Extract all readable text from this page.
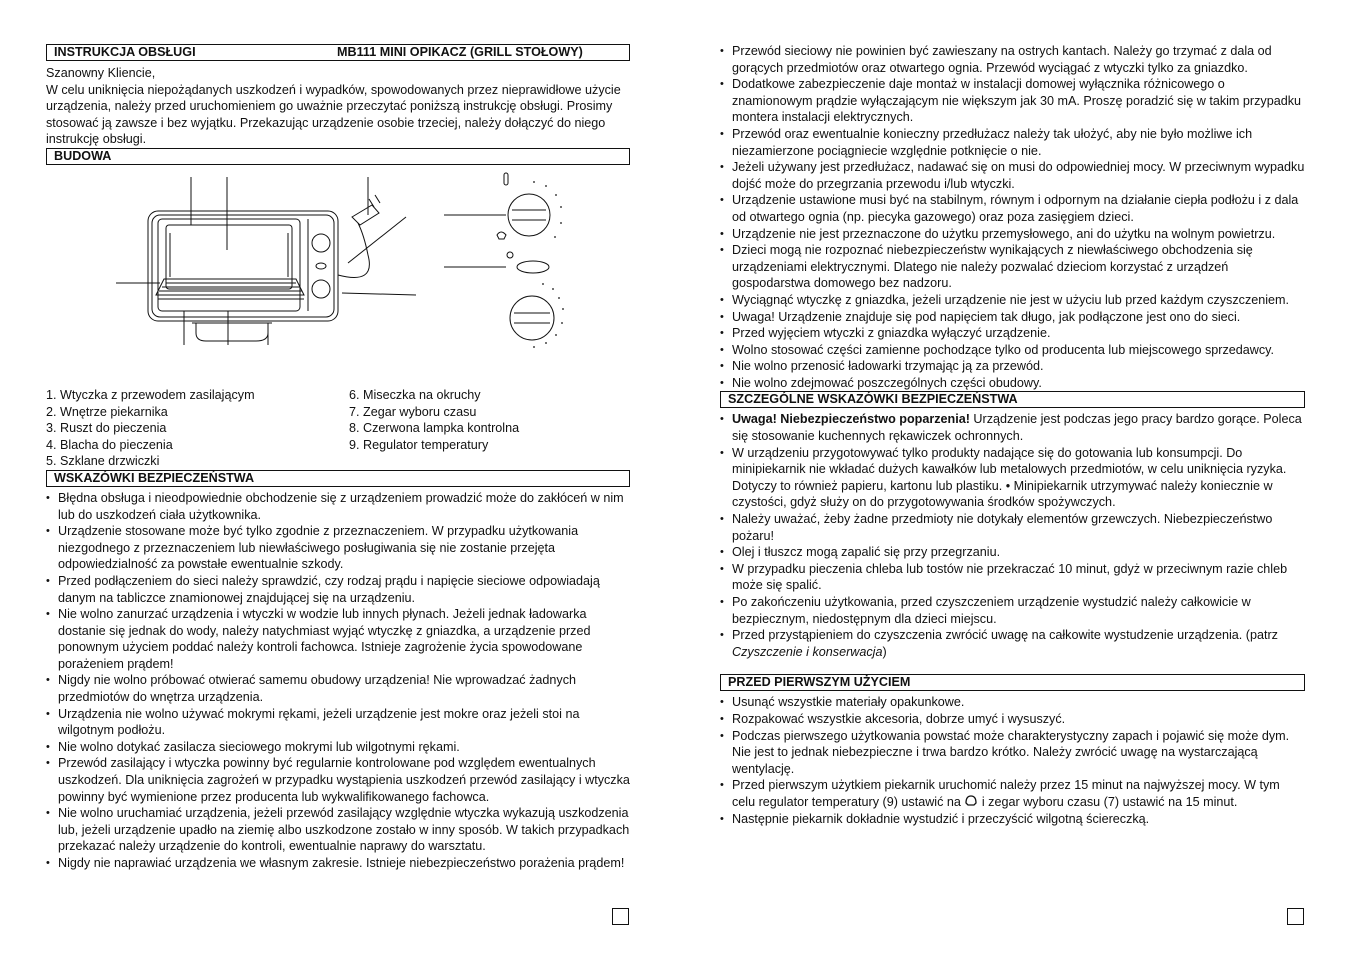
INSTRUKCJA OBSŁUGI	MB111 MINI OPIKACZ (GRILL STOŁOWY)

Szanowny Kliencie,

W celu uniknięcia niepożądanych uszkodzeń i wypadków, spowodowanych przez nieprawidłowe użycie urządzenia, należy przed uruchomieniem go uważnie przeczytać poniższą instrukcję obsługi. Prosimy stosować ją zawsze i bez wyjątku. Przekazując urządzenie osobie trzeciej, należy dołączyć do niego instrukcję obsługi.

BUDOWA
1. Wtyczka z przewodem zasilającym
2. Wnętrze piekarnika
3. Ruszt do pieczenia
4. Blacha do pieczenia
5. Szklane drzwiczki
6. Miseczka na okruchy
7. Zegar wyboru czasu
8. Czerwona lampka kontrolna
9. Regulator temperatury
WSKAZÓWKI BEZPIECZEŃSTWA
• Błędna obsługa i nieodpowiednie obchodzenie się z urządzeniem prowadzić może do zakłóceń w nim lub do uszkodzeń ciała użytkownika.
• Urządzenie stosowane może być tylko zgodnie z przeznaczeniem. W przypadku użytkowania niezgodnego z przeznaczeniem lub niewłaściwego posługiwania się nie zostanie przejęta odpowiedzialność za powstałe ewentualnie szkody.
• Przed podłączeniem do sieci należy sprawdzić, czy rodzaj prądu i napięcie sieciowe odpowiadają danym na tabliczce znamionowej znajdującej się na urządzeniu.
• Nie wolno zanurzać urządzenia i wtyczki w wodzie lub innych płynach. Jeżeli jednak ładowarka dostanie się jednak do wody, należy natychmiast wyjąć wtyczkę z gniazdka, a urządzenie przed ponownym użyciem poddać należy kontroli fachowca. Istnieje zagrożenie życia spowodowane porażeniem prądem!
• Nigdy nie wolno próbować otwierać samemu obudowy urządzenia! Nie wprowadzać żadnych przedmiotów do wnętrza urządzenia.
• Urządzenia nie wolno używać mokrymi rękami, jeżeli urządzenie jest mokre oraz jeżeli stoi na wilgotnym podłożu.
• Nie wolno dotykać zasilacza sieciowego mokrymi lub wilgotnymi rękami.
• Przewód zasilający i wtyczka powinny być regularnie kontrolowane pod względem ewentualnych uszkodzeń. Dla uniknięcia zagrożeń w przypadku wystąpienia uszkodzeń przewód zasilający i wtyczka powinny być wymienione przez producenta lub wykwalifikowanego fachowca.
• Nie wolno uruchamiać urządzenia, jeżeli przewód zasilający względnie wtyczka wykazują uszkodzenia lub, jeżeli urządzenie upadło na ziemię albo uszkodzone zostało w inny sposób. W takich przypadkach przekazać należy urządzenie do kontroli, ewentualnie naprawy do warsztatu.
• Nigdy nie naprawiać urządzenia we własnym zakresie. Istnieje niebezpieczeństwo porażenia prądem!
• Przewód sieciowy nie powinien być zawieszany na ostrych kantach. Należy go trzymać z dala od gorących przedmiotów oraz otwartego ognia. Przewód wyciągać z wtyczki tylko za gniazdko.
• Dodatkowe zabezpieczenie daje montaż w instalacji domowej wyłącznika różnicowego o znamionowym prądzie wyłączającym nie większym jak 30 mA. Proszę poradzić się w takim przypadku montera instalacji elektrycznych.
• Przewód oraz ewentualnie konieczny przedłużacz należy tak ułożyć, aby nie było możliwe ich niezamierzone pociągniecie względnie potknięcie o nie.
• Jeżeli używany jest przedłużacz, nadawać się on musi do odpowiedniej mocy. W przeciwnym wypadku dojść może do przegrzania przewodu i/lub wtyczki.
• Urządzenie ustawione musi być na stabilnym, równym i odpornym na działanie ciepła podłożu i z dala od otwartego ognia (np. piecyka gazowego) oraz poza zasięgiem dzieci.
• Urządzenie nie jest przeznaczone do użytku przemysłowego, ani do użytku na wolnym powietrzu.
• Dzieci mogą nie rozpoznać niebezpieczeństw wynikających z niewłaściwego obchodzenia się urządzeniami elektrycznymi. Dlatego nie należy pozwalać dzieciom korzystać z urządzeń gospodarstwa domowego bez nadzoru.
• Wyciągnąć wtyczkę z gniazdka, jeżeli urządzenie nie jest w użyciu lub przed każdym czyszczeniem.
• Uwaga! Urządzenie znajduje się pod napięciem tak długo, jak podłączone jest ono do sieci.
• Przed wyjęciem wtyczki z gniazdka wyłączyć urządzenie.
• Wolno stosować części zamienne pochodzące tylko od producenta lub miejscowego sprzedawcy.
• Nie wolno przenosić ładowarki trzymając ją za przewód.
• Nie wolno zdejmować poszczególnych części obudowy.
SZCZEGÓLNE WSKAZÓWKI BEZPIECZEŃSTWA
• Uwaga! Niebezpieczeństwo poparzenia! Urządzenie jest podczas jego pracy bardzo gorące. Poleca się stosowanie kuchennych rękawiczek ochronnych.
• W urządzeniu przygotowywać tylko produkty nadające się do gotowania lub konsumpcji. Do minipiekarnik nie wkładać dużych kawałków lub metalowych przedmiotów, w celu uniknięcia ryzyka. Dotyczy to również papieru, kartonu lub plastiku. • Minipiekarnik utrzymywać należy koniecznie w czystości, gdyż służy on do przygotowywania środków spożywczych.
• Należy uważać, żeby żadne przedmioty nie dotykały elementów grzewczych. Niebezpieczeństwo pożaru!
• Olej i tłuszcz mogą zapalić się przy przegrzaniu.
• W przypadku pieczenia chleba lub tostów nie przekraczać 10 minut, gdyż w przeciwnym razie chleb może się spalić.
• Po zakończeniu użytkowania, przed czyszczeniem urządzenie wystudzić należy całkowicie w bezpiecznym, niedostępnym dla dzieci miejscu.
• Przed przystąpieniem do czyszczenia zwrócić uwagę na całkowite wystudzenie urządzenia. (patrz Czyszczenie i konserwacja)
PRZED PIERWSZYM UŻYCIEM
• Usunąć wszystkie materiały opakunkowe.
• Rozpakować wszystkie akcesoria, dobrze umyć i wysuszyć.
• Podczas pierwszego użytkowania powstać może charakterystyczny zapach i pojawić się może dym. Nie jest to jednak niebezpieczne i trwa bardzo krótko. Należy zwrócić uwagę na wystarczającą wentylację.
• Przed pierwszym użytkiem piekarnik uruchomić należy przez 15 minut na najwyższej mocy. W tym celu regulator temperatury (9) ustawić na  i zegar wyboru czasu (7) ustawić na 15 minut.
• Następnie piekarnik dokładnie wystudzić i przeczyścić wilgotną ściereczką.
